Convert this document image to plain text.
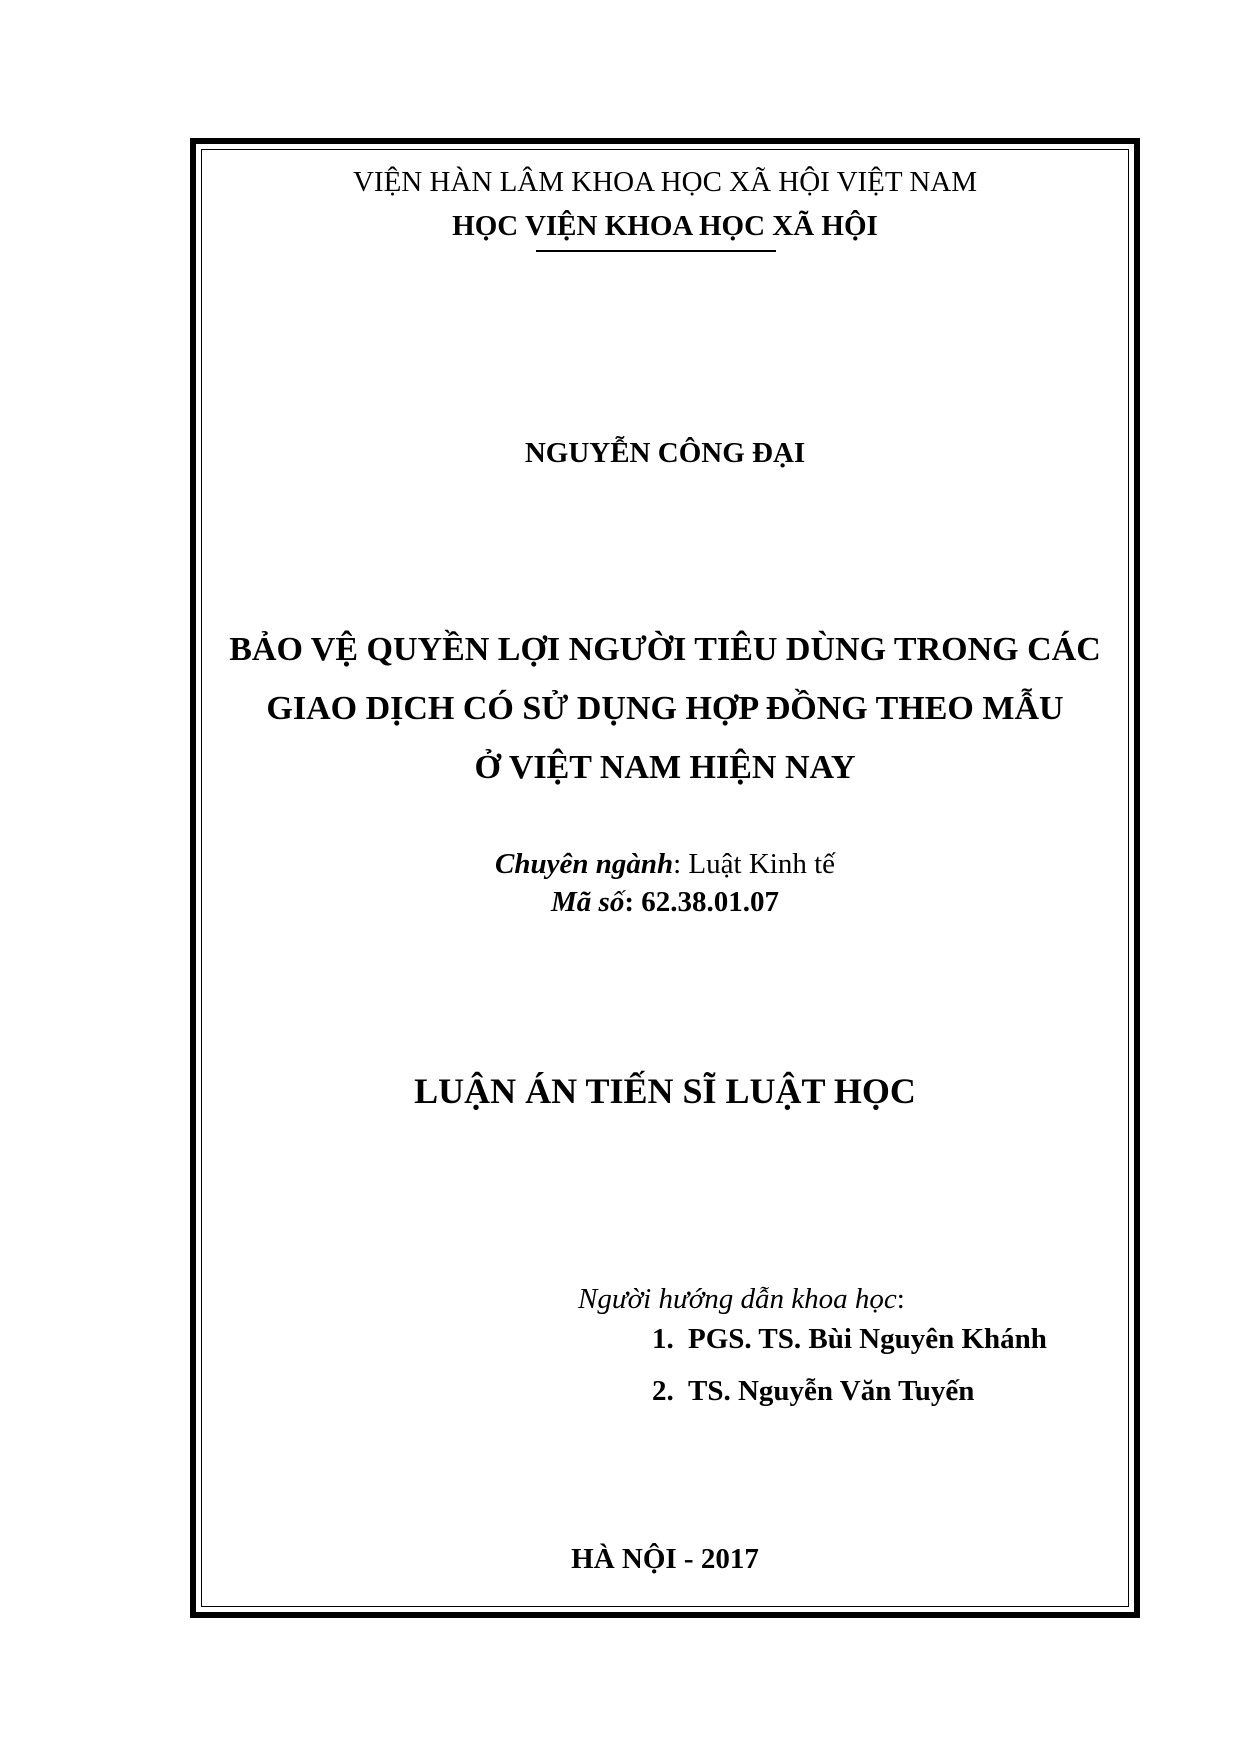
VIỆN HÀN LÂM KHOA HỌC XÃ HỘI VIỆT NAM
HỌC VIỆN KHOA HỌC XÃ HỘI
NGUYỄN CÔNG ĐẠI
BẢO VỆ QUYỀN LỢI NGƯỜI TIÊU DÙNG TRONG CÁC
GIAO DỊCH CÓ SỬ DỤNG HỢP ĐỒNG THEO MẪU
Ở VIỆT NAM HIỆN NAY
Chuyên ngành: Luật Kinh tế
Mã số: 62.38.01.07
LUẬN ÁN TIẾN SĨ LUẬT HỌC
Người hướng dẫn khoa học:
1. PGS. TS. Bùi Nguyên Khánh
2. TS. Nguyễn Văn Tuyến
HÀ NỘI - 2017
